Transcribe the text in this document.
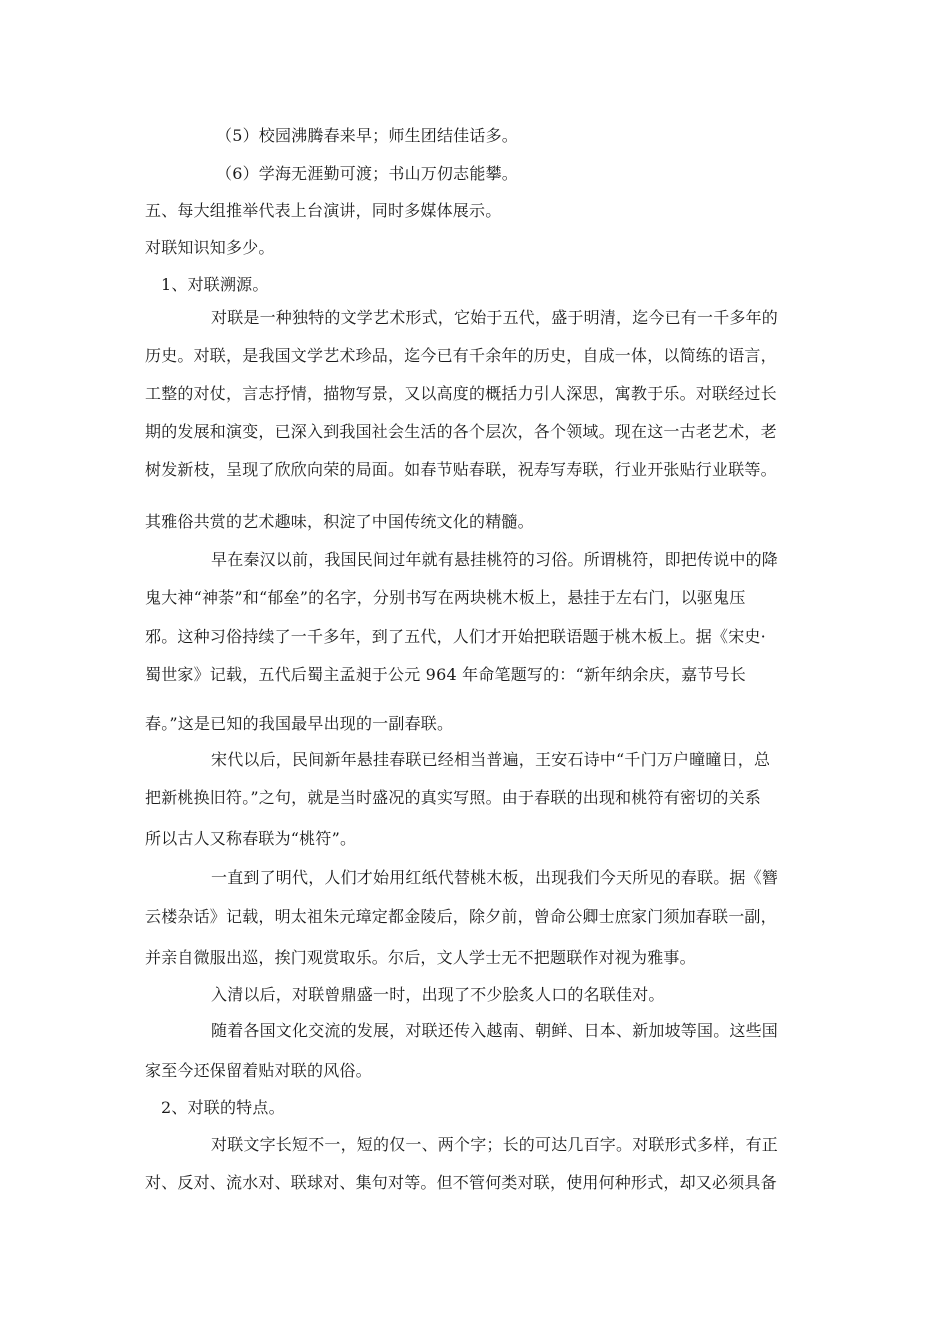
（5）校园沸腾春来早；师生团结佳话多。
（6）学海无涯勤可渡；书山万仞志能攀。
五、每大组推举代表上台演讲，同时多媒体展示。
对联知识知多少。
1、对联溯源。
对联是一种独特的文学艺术形式，它始于五代，盛于明清，迄今已有一千多年的
历史。对联，是我国文学艺术珍品，迄今已有千余年的历史，自成一体，以简练的语言，
工整的对仗，言志抒情，描物写景，又以高度的概括力引人深思，寓教于乐。对联经过长
期的发展和演变，已深入到我国社会生活的各个层次，各个领域。现在这一古老艺术，老
树发新枝，呈现了欣欣向荣的局面。如春节贴春联，祝寿写寿联，行业开张贴行业联等。
其雅俗共赏的艺术趣味，积淀了中国传统文化的精髓。
早在秦汉以前，我国民间过年就有悬挂桃符的习俗。所谓桃符，即把传说中的降
鬼大神“神荼”和“郁垒”的名字，分别书写在两块桃木板上，悬挂于左右门，以驱鬼压
邪。这种习俗持续了一千多年，到了五代，人们才开始把联语题于桃木板上。据《宋史·
蜀世家》记载，五代后蜀主孟昶于公元 964 年命笔题写的：“新年纳余庆，嘉节号长
春。”这是已知的我国最早出现的一副春联。
宋代以后，民间新年悬挂春联已经相当普遍，王安石诗中“千门万户曈曈日，总
把新桃换旧符。”之句，就是当时盛况的真实写照。由于春联的出现和桃符有密切的关系
所以古人又称春联为“桃符”。
一直到了明代，人们才始用红纸代替桃木板，出现我们今天所见的春联。据《簪
云楼杂话》记载，明太祖朱元璋定都金陵后，除夕前，曾命公卿士庶家门须加春联一副，
并亲自微服出巡，挨门观赏取乐。尔后，文人学士无不把题联作对视为雅事。
入清以后，对联曾鼎盛一时，出现了不少脍炙人口的名联佳对。
随着各国文化交流的发展，对联还传入越南、朝鲜、日本、新加坡等国。这些国
家至今还保留着贴对联的风俗。
2、对联的特点。
对联文字长短不一，短的仅一、两个字；长的可达几百字。对联形式多样，有正
对、反对、流水对、联球对、集句对等。但不管何类对联，使用何种形式，却又必须具备
